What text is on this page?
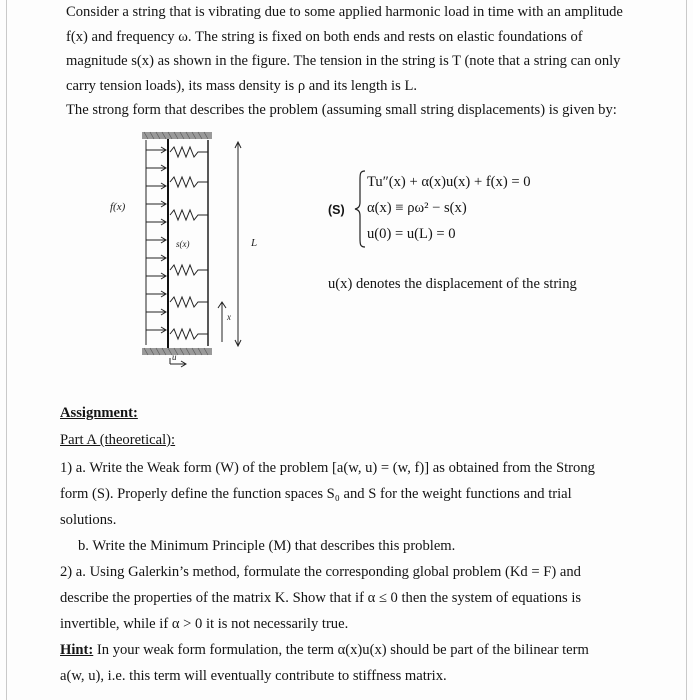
Consider a string that is vibrating due to some applied harmonic load in time with an amplitude

f(x) and frequency ω. The string is fixed on both ends and rests on elastic foundations of

magnitude s(x) as shown in the figure. The tension in the string is T (note that a string can only

carry tension loads), its mass density is ρ and its length is L.

The strong form that describes the problem (assuming small string displacements) is given by:

f(x)
s(x)	L
x
u
(S)
Tu″(x) + α(x)u(x) + f(x) = 0
α(x) ≡ ρω² − s(x)
u(0) = u(L) = 0
u(x) denotes the displacement of the string
Assignment:
Part A (theoretical):

1) a. Write the Weak form (W) of the problem [a(w, u) = (w, f)] as obtained from the Strong

form (S). Properly define the function spaces S₀ and S for the weight functions and trial

solutions.

b. Write the Minimum Principle (M) that describes this problem.

2) a. Using Galerkin’s method, formulate the corresponding global problem (Kd = F) and

describe the properties of the matrix K. Show that if α ≤ 0 then the system of equations is

invertible, while if α > 0 it is not necessarily true.

Hint: In your weak form formulation, the term α(x)u(x) should be part of the bilinear term

a(w, u), i.e. this term will eventually contribute to stiffness matrix.
